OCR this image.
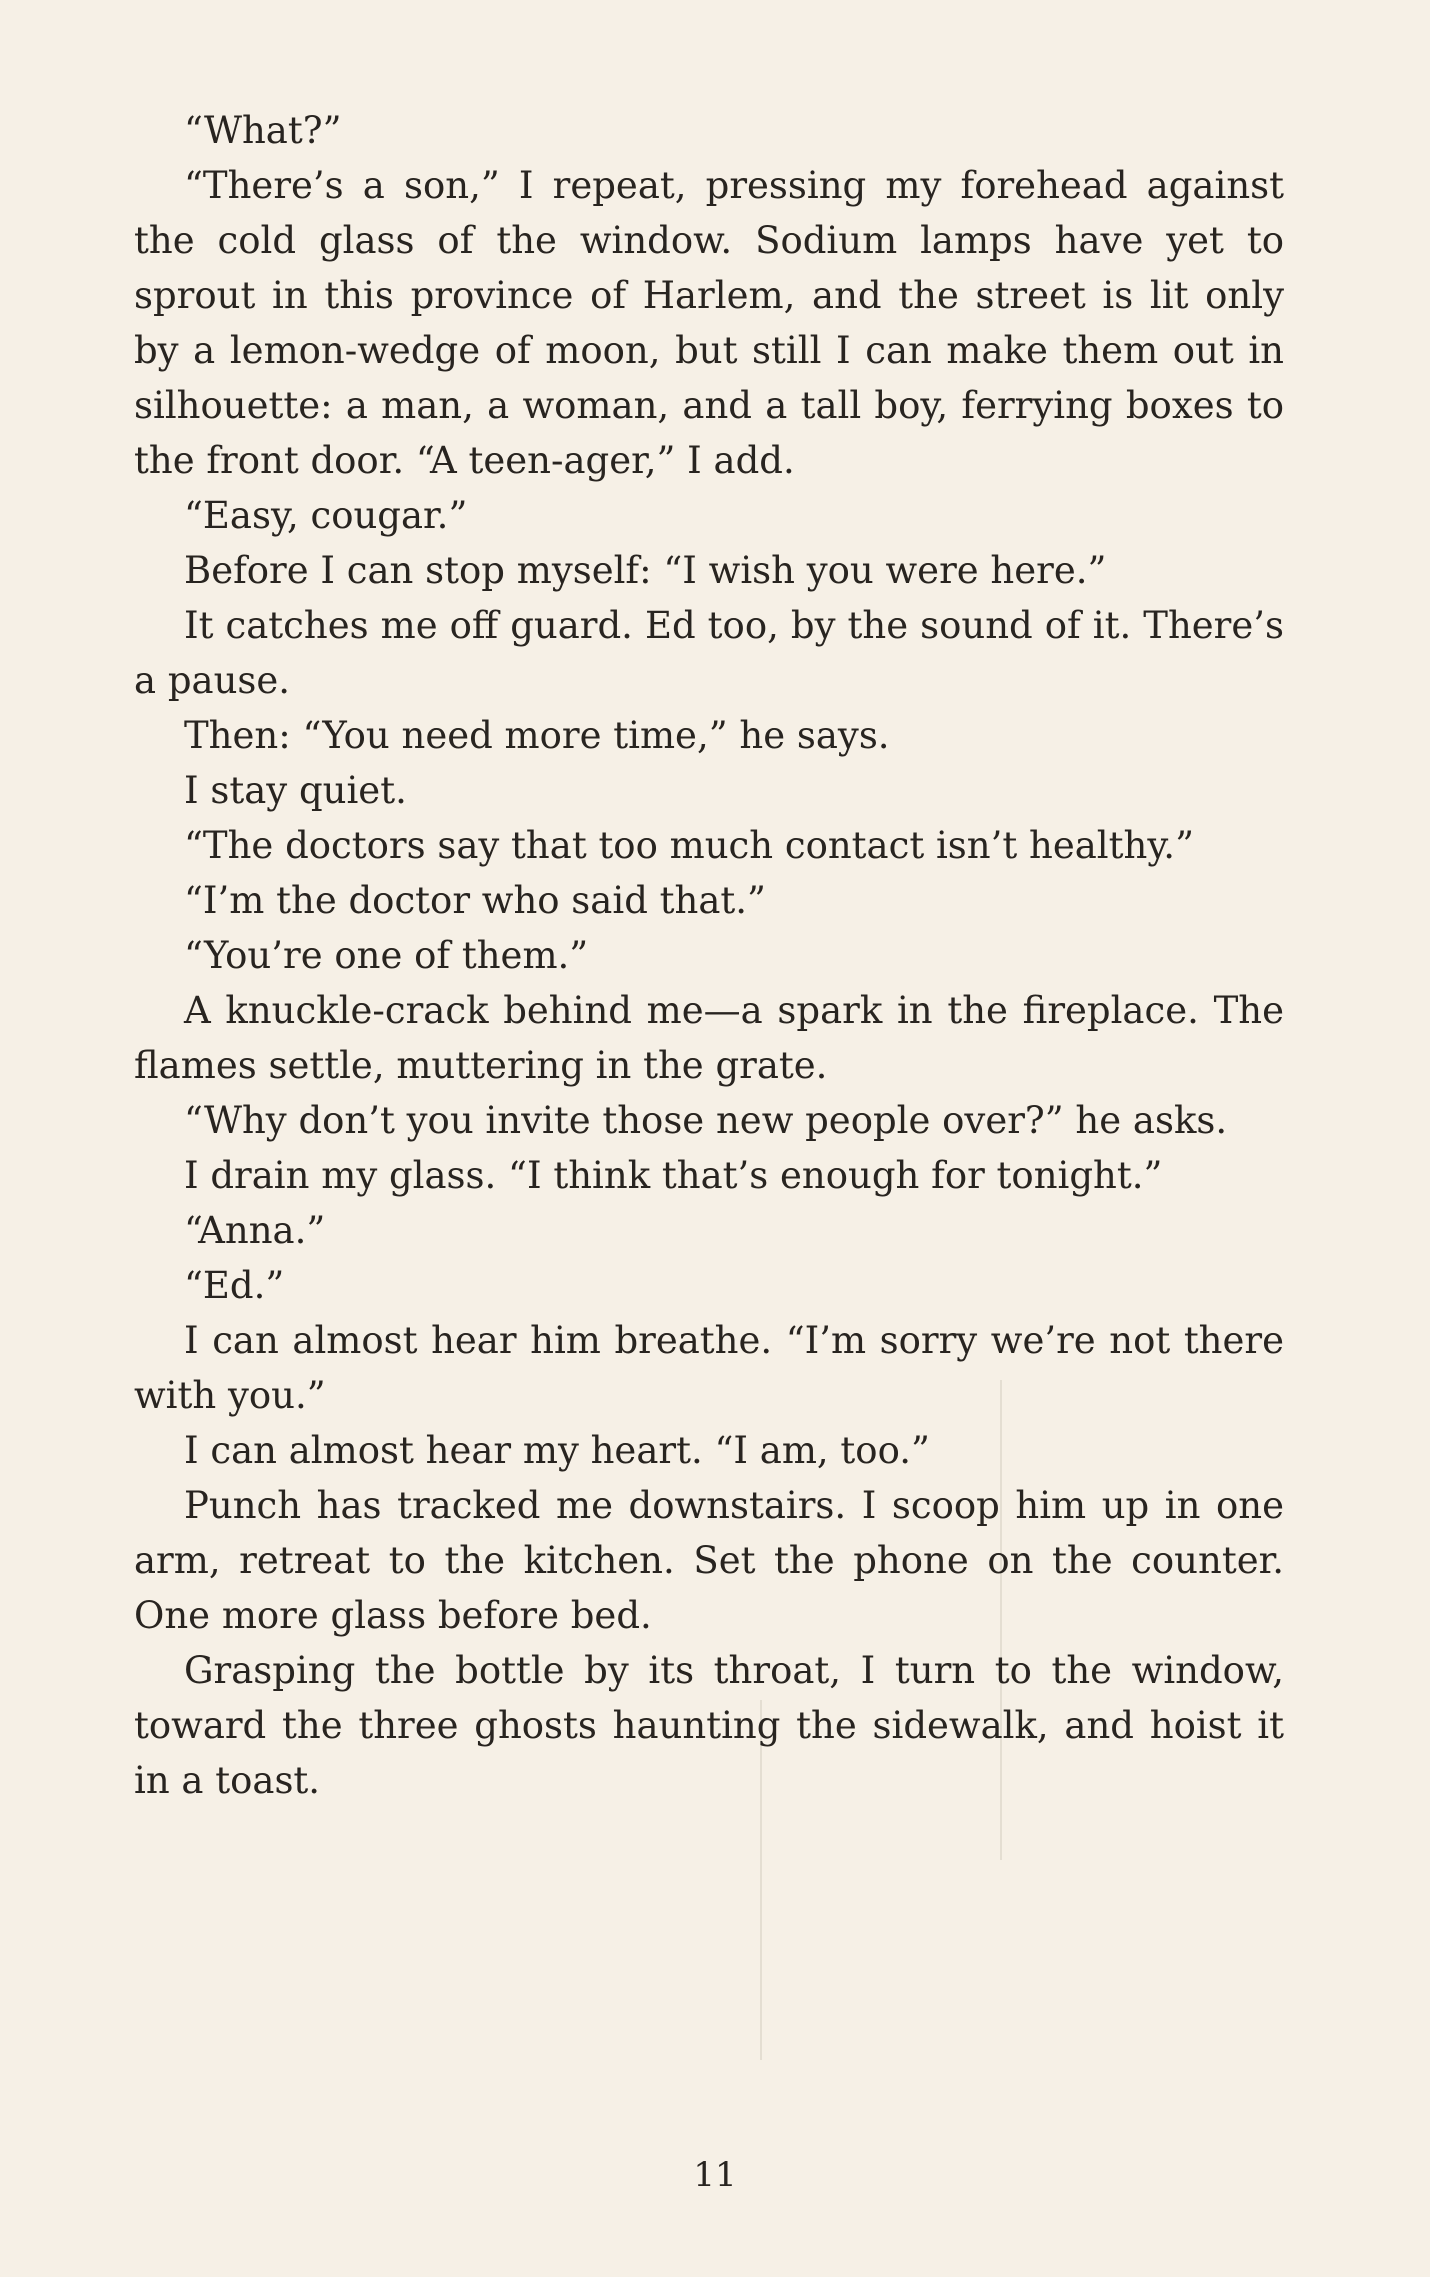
“What?”

“There’s a son,” I repeat, pressing my forehead against the cold glass of the window. Sodium lamps have yet to sprout in this province of Harlem, and the street is lit only by a lemon-wedge of moon, but still I can make them out in silhouette: a man, a woman, and a tall boy, ferrying boxes to the front door. “A teen-ager,” I add.

“Easy, cougar.”

Before I can stop myself: “I wish you were here.”

It catches me off guard. Ed too, by the sound of it. There’s a pause.

Then: “You need more time,” he says.

I stay quiet.

“The doctors say that too much contact isn’t healthy.”

“I’m the doctor who said that.”

“You’re one of them.”

A knuckle-crack behind me—a spark in the fireplace. The flames settle, muttering in the grate.

“Why don’t you invite those new people over?” he asks.

I drain my glass. “I think that’s enough for tonight.”

“Anna.”

“Ed.”

I can almost hear him breathe. “I’m sorry we’re not there with you.”

I can almost hear my heart. “I am, too.”

Punch has tracked me downstairs. I scoop him up in one arm, retreat to the kitchen. Set the phone on the counter. One more glass before bed.

Grasping the bottle by its throat, I turn to the window, toward the three ghosts haunting the sidewalk, and hoist it in a toast.

11
